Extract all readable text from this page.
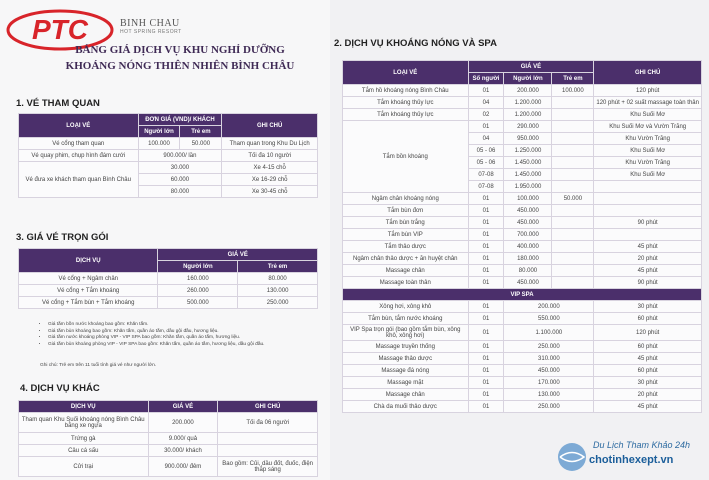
PTC	BINH CHAU
HOT SPRING RESORT
BẢNG GIÁ DỊCH VỤ KHU NGHỈ DƯỠNG
KHOÁNG NÓNG THIÊN NHIÊN BÌNH CHÂU
1. VÉ THAM QUAN
LOẠI VÉ	ĐƠN GIÁ (VND)/ KHÁCH		GHI CHÚ
	Người lớn	Trẻ em	
Vé cổng tham quan	100.000	50.000	Tham quan trong Khu Du Lịch
Vé quay phim, chụp hình đám cưới	900.000/ lần		Tối đa 10 người
Vé đưa xe khách tham quan Bình Châu	30.000		Xe 4-15 chỗ
	60.000		Xe 16-29 chỗ
	80.000		Xe 30-45 chỗ
3. GIÁ VÉ TRỌN GÓI
DỊCH VỤ	GIÁ VÉ	
	Người lớn	Trẻ em
Vé cổng + Ngâm chân	160.000	80.000
Vé cổng + Tắm khoáng	260.000	130.000
Vé cổng + Tắm bùn + Tắm khoáng	500.000	250.000
• Giá tắm bồn nước khoáng bao gồm: Khăn tắm.
• Giá tắm bùn khoáng bao gồm: Khăn tắm, quần áo tắm, dầu gội đầu, hương liệu.
• Giá tắm nước khoáng phòng VIP - VIP SPA bao gồm: Khăn tắm, quần áo tắm, hương liệu.
• Giá tắm bùn khoáng phòng VIP - VIP SPA bao gồm: Khăn tắm, quần áo tắm, hương liệu, dầu gội đầu.
Ghi chú: Trẻ em trên 11 tuổi tính giá vé như người lớn.
4. DỊCH VỤ KHÁC
DỊCH VỤ	GIÁ VÉ	GHI CHÚ
Tham quan Khu Suối khoáng nóng Bình Châu bằng xe ngựa	200.000	Tối đa 06 người
Trứng gà	9.000/ quả	
Câu cá sấu	30.000/ khách	
Cửi trại	900.000/ đêm	Bao gồm: Củi, dầu đốt, đuốc, điện thắp sáng
2. DỊCH VỤ KHOÁNG NÓNG VÀ SPA
LOẠI VÉ	GIÁ VÉ			GHI CHÚ
	Số người	Người lớn	Trẻ em	
Tắm hồ khoáng nóng Bình Châu	01	200.000	100.000	120 phút
Tắm khoáng thủy lực	04	1.200.000		120 phút + 02 suất massage toàn thân
Tắm khoáng thủy lực	02	1.200.000		Khu Suối Mơ
Tắm bồn khoáng	01	290.000		Khu Suối Mơ và Vườn Trăng
	04	950.000		Khu Vườn Trăng
	05 - 06	1.250.000		Khu Suối Mơ
	05 - 06	1.450.000		Khu Vườn Trăng
	07-08	1.450.000		Khu Suối Mơ
	07-08	1.950.000		
Ngâm chân khoáng nóng	01	100.000	50.000	
Tắm bùn đơn	01	450.000		
Tắm bùn trắng	01	450.000		90 phút
Tắm bùn VIP	01	700.000		
Tắm thảo dược	01	400.000		45 phút
Ngâm chân thảo dược + ăn huyệt chân	01	180.000		20 phút
Massage chân	01	80.000		45 phút
Massage toàn thân	01	450.000		90 phút
VIP SPA				
Xông hơi, xông khô	01	200.000		30 phút
Tắm bùn, tắm nước khoáng	01	550.000		60 phút
VIP Spa trọn gói (bao gồm tắm bùn, xông khô, xông hơi)	01	1.100.000		120 phút
Massage truyền thống	01	250.000		60 phút
Massage thảo dược	01	310.000		45 phút
Massage đá nóng	01	450.000		60 phút
Massage mặt	01	170.000		30 phút
Massage chân	01	130.000		20 phút
Chà da muối thảo dược	01	250.000		45 phút
Du Lịch Tham Khảo 24h
chotinhexept.vn
